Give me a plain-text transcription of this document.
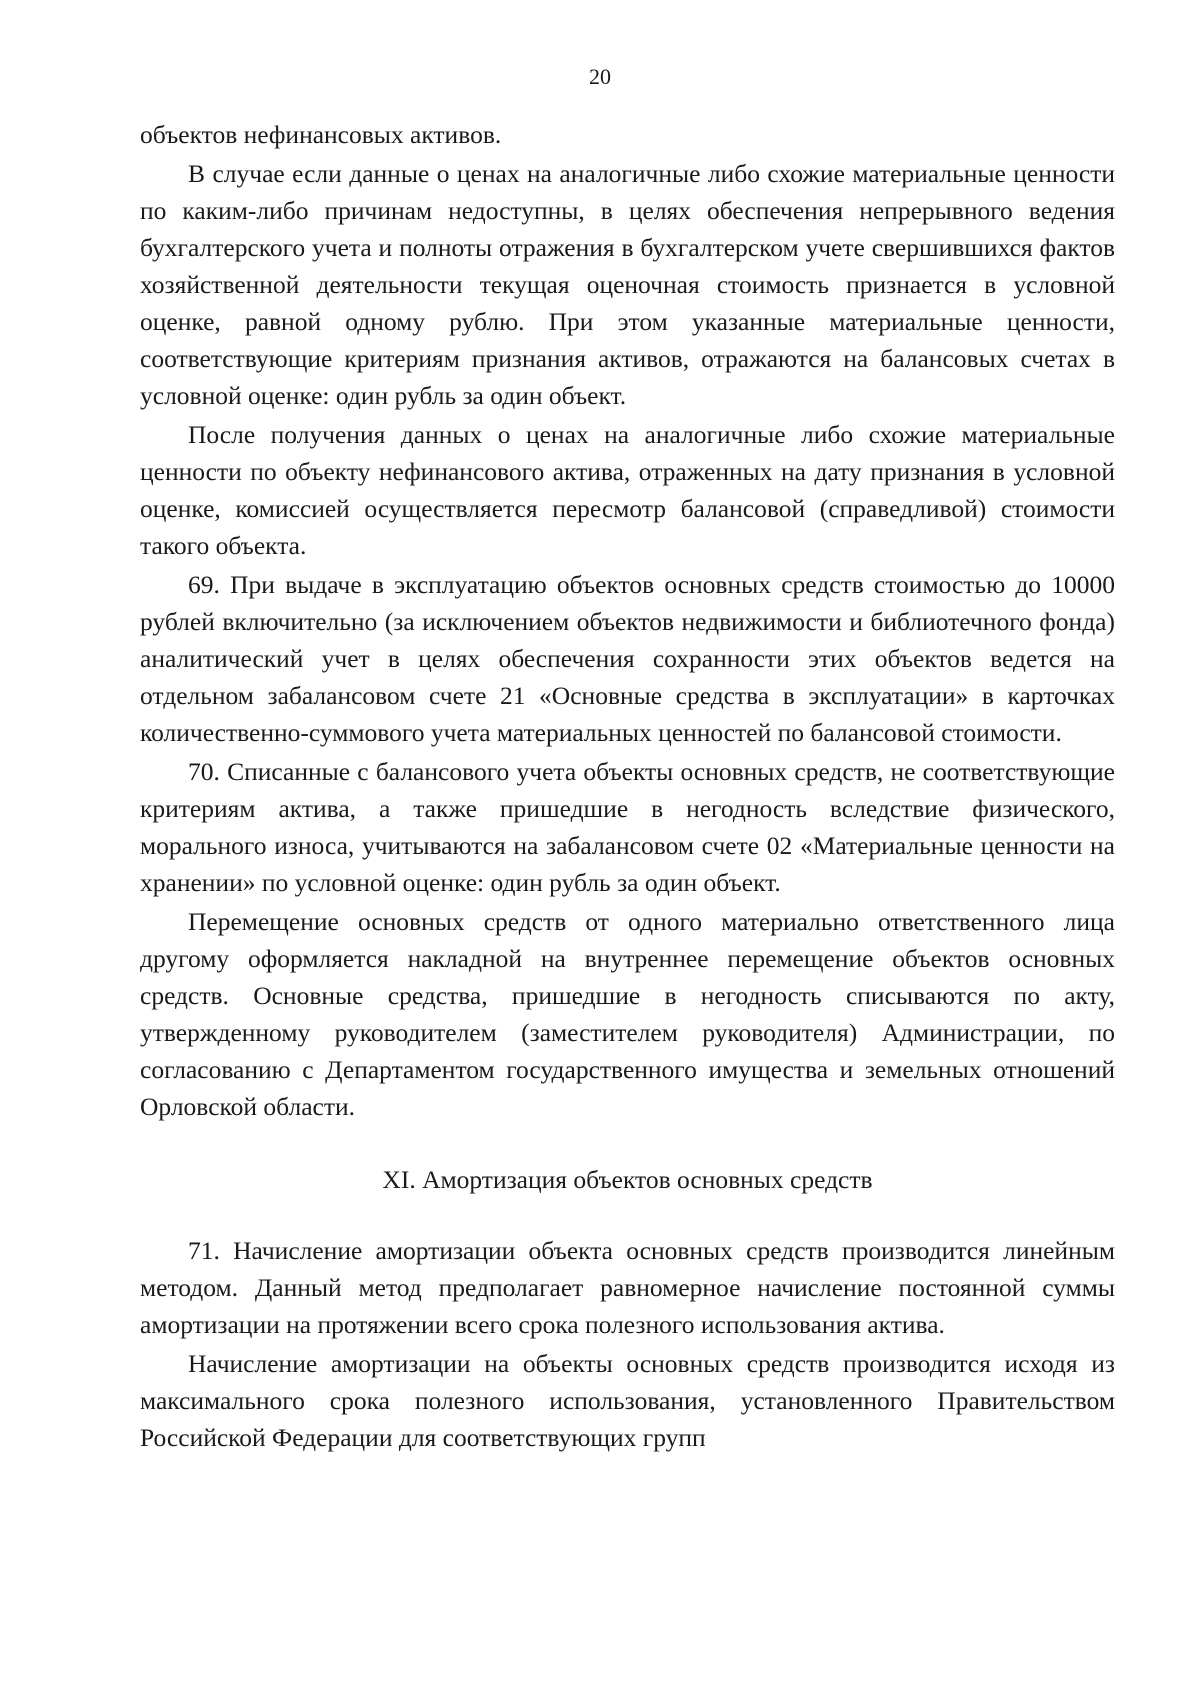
20

объектов нефинансовых активов.

В случае если данные о ценах на аналогичные либо схожие материальные ценности по каким-либо причинам недоступны, в целях обеспечения непрерывного ведения бухгалтерского учета и полноты отражения в бухгалтерском учете свершившихся фактов хозяйственной деятельности текущая оценочная стоимость признается в условной оценке, равной одному рублю. При этом указанные материальные ценности, соответствующие критериям признания активов, отражаются на балансовых счетах в условной оценке: один рубль за один объект.

После получения данных о ценах на аналогичные либо схожие материальные ценности по объекту нефинансового актива, отраженных на дату признания в условной оценке, комиссией осуществляется пересмотр балансовой (справедливой) стоимости такого объекта.

69. При выдаче в эксплуатацию объектов основных средств стоимостью до 10000 рублей включительно (за исключением объектов недвижимости и библиотечного фонда) аналитический учет в целях обеспечения сохранности этих объектов ведется на отдельном забалансовом счете 21 «Основные средства в эксплуатации» в карточках количественно-суммового учета материальных ценностей по балансовой стоимости.

70. Списанные с балансового учета объекты основных средств, не соответствующие критериям актива, а также пришедшие в негодность вследствие физического, морального износа, учитываются на забалансовом счете 02 «Материальные ценности на хранении» по условной оценке: один рубль за один объект.

Перемещение основных средств от одного материально ответственного лица другому оформляется накладной на внутреннее перемещение объектов основных средств. Основные средства, пришедшие в негодность списываются по акту, утвержденному руководителем (заместителем руководителя) Администрации, по согласованию с Департаментом государственного имущества и земельных отношений Орловской области.

XI. Амортизация объектов основных средств

71. Начисление амортизации объекта основных средств производится линейным методом. Данный метод предполагает равномерное начисление постоянной суммы амортизации на протяжении всего срока полезного использования актива.

Начисление амортизации на объекты основных средств производится исходя из максимального срока полезного использования, установленного Правительством Российской Федерации для соответствующих групп
